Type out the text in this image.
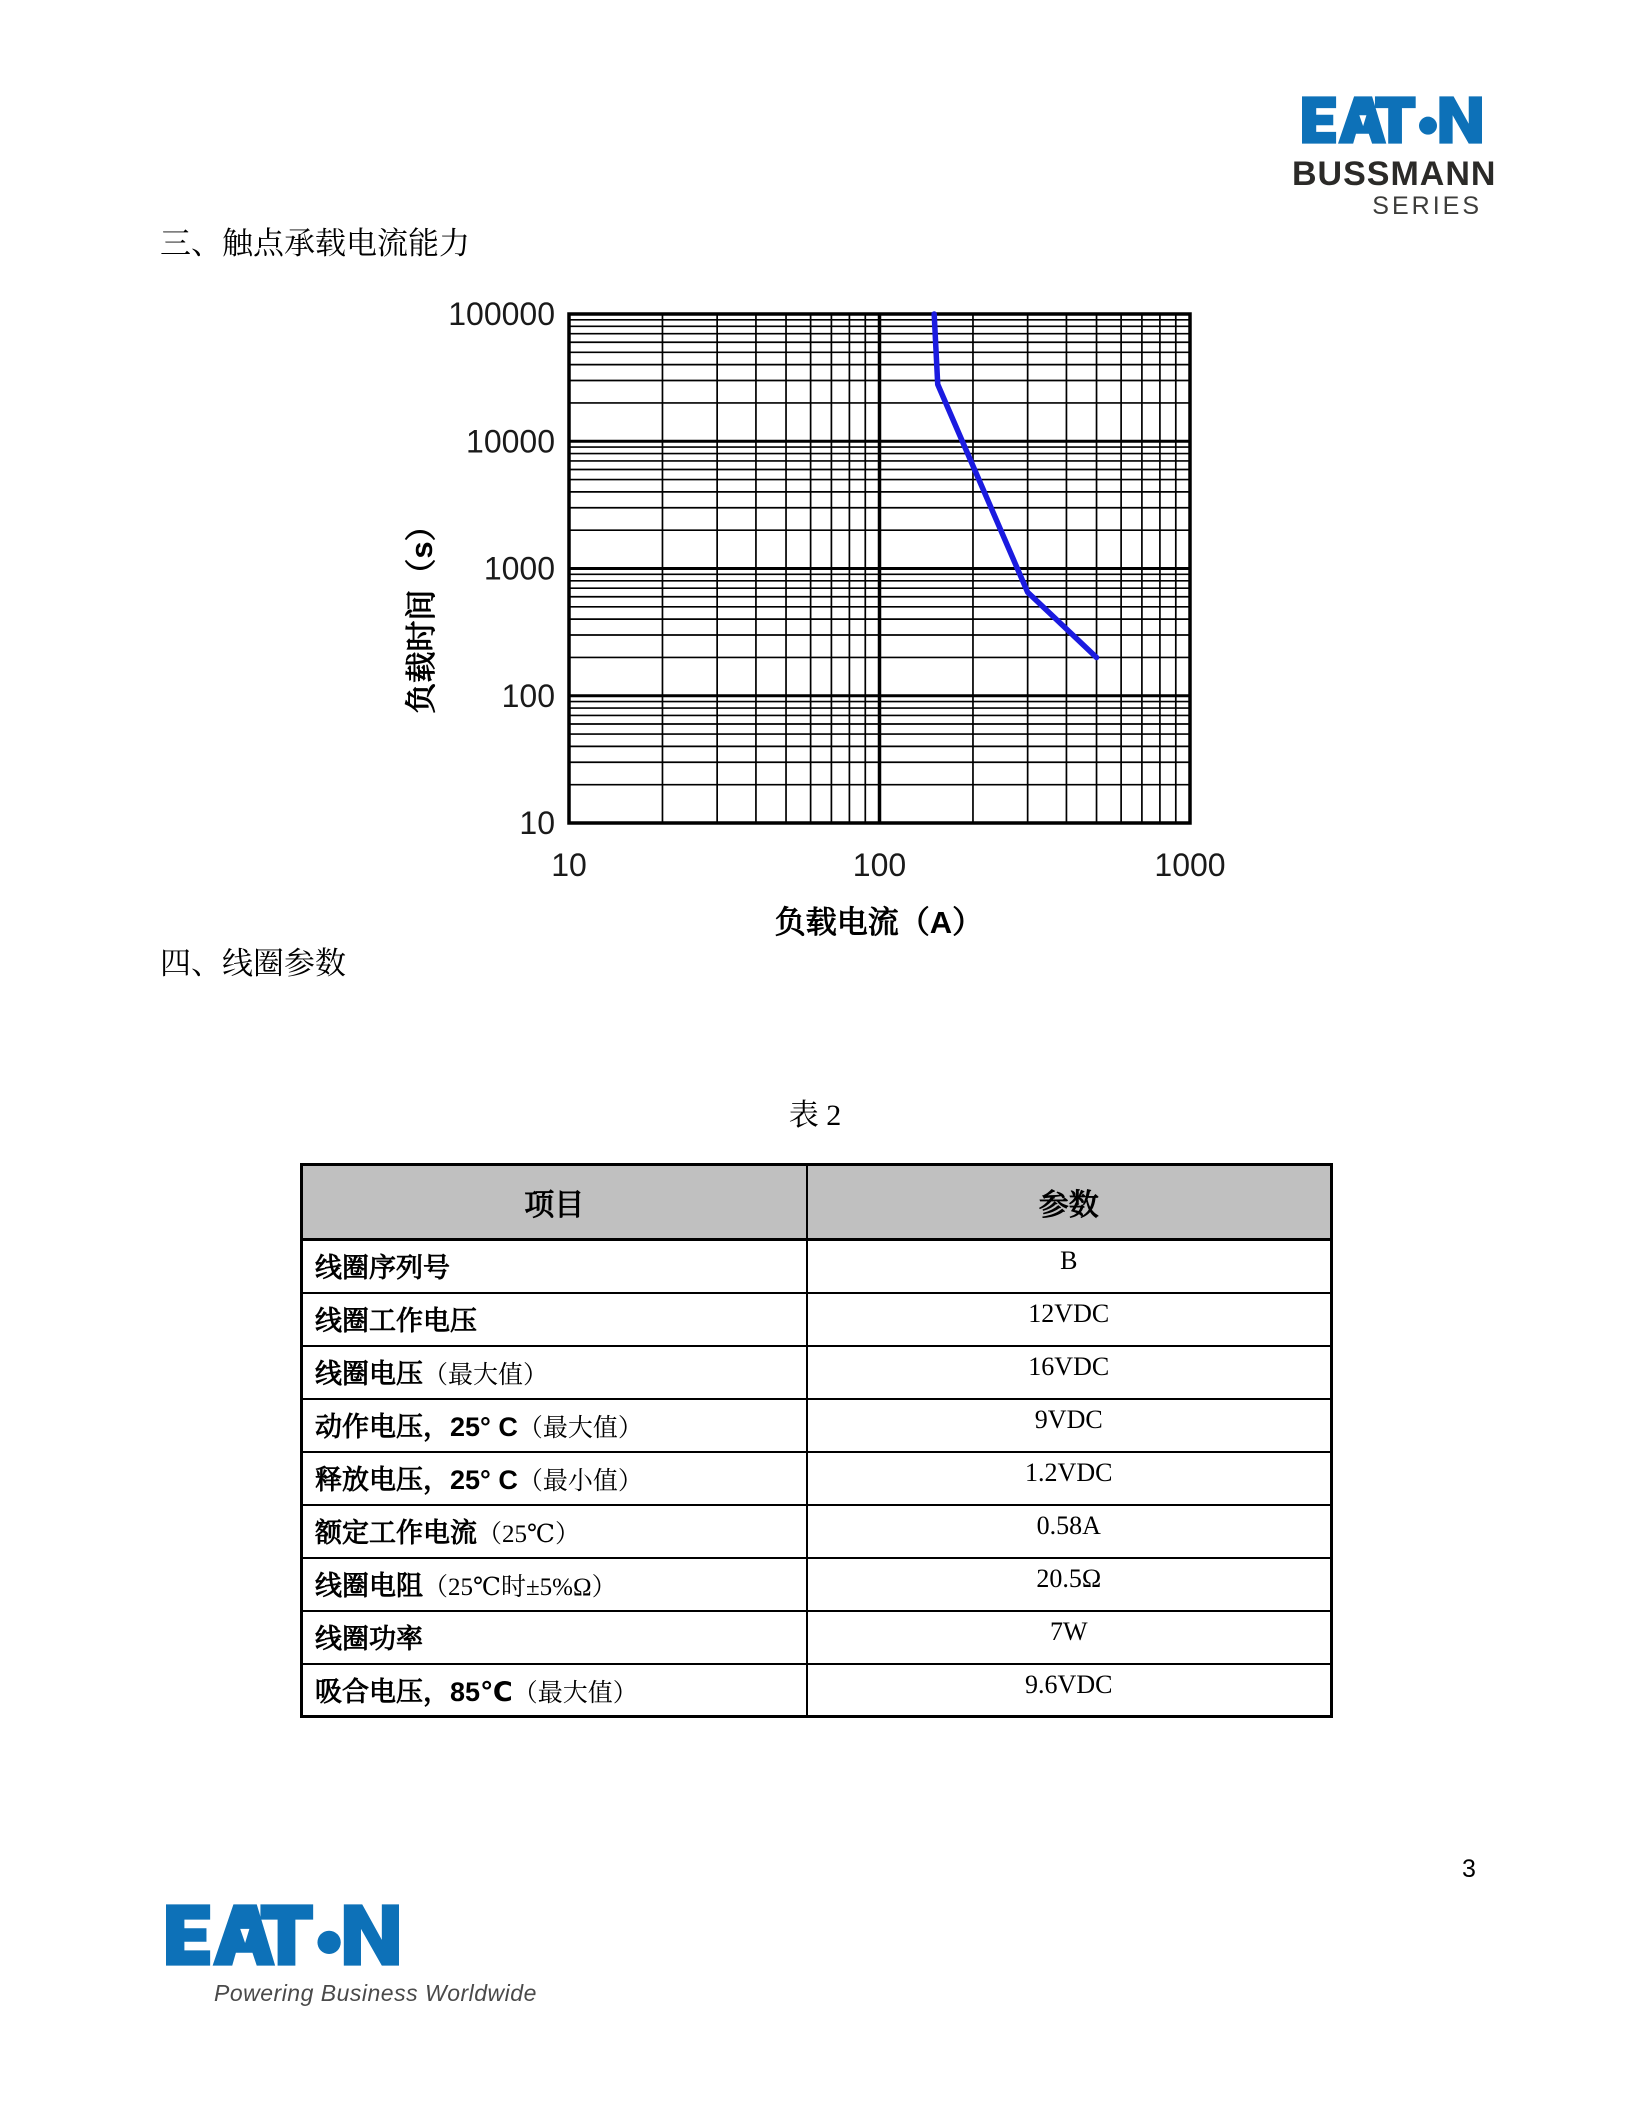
BUSSMANN
SERIES
三、触点承载电流能力
100000
10000
1000
100
10
10	100	1000
负载时间（s）
负载电流（A）
四、线圈参数
表 2
项目	参数
线圈序列号	B
线圈工作电压	12VDC
线圈电压（最大值）	16VDC
动作电压，25° C（最大值）	9VDC
释放电压，25° C（最小值）	1.2VDC
额定工作电流（25℃）	0.58A
线圈电阻（25℃时±5%Ω）	20.5Ω
线圈功率	7W
吸合电压，85℃（最大值）	9.6VDC
3
Powering Business Worldwide
